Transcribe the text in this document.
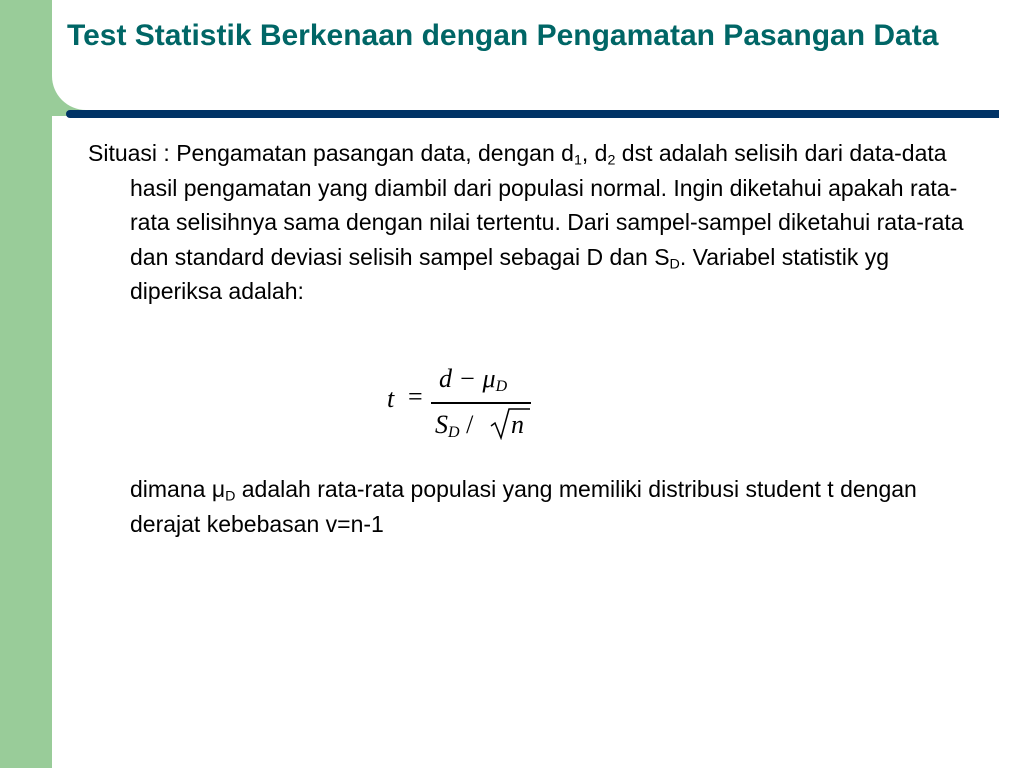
Test Statistik Berkenaan dengan Pengamatan Pasangan Data

Situasi : Pengamatan pasangan data, dengan $d_1$, $d_2$ dst adalah selisih dari data-data hasil pengamatan yang diambil dari populasi normal. Ingin diketahui apakah rata-rata selisihnya sama dengan nilai tertentu. Dari sampel-sampel diketahui rata-rata dan standard deviasi selisih sampel sebagai D dan $S_D$. Variabel statistik yg diperiksa adalah:

t =
$d - \mu_D$
$S_D$ / n

dimana $\mu_D$ adalah rata-rata populasi yang memiliki distribusi student t dengan derajat kebebasan v=n-1
